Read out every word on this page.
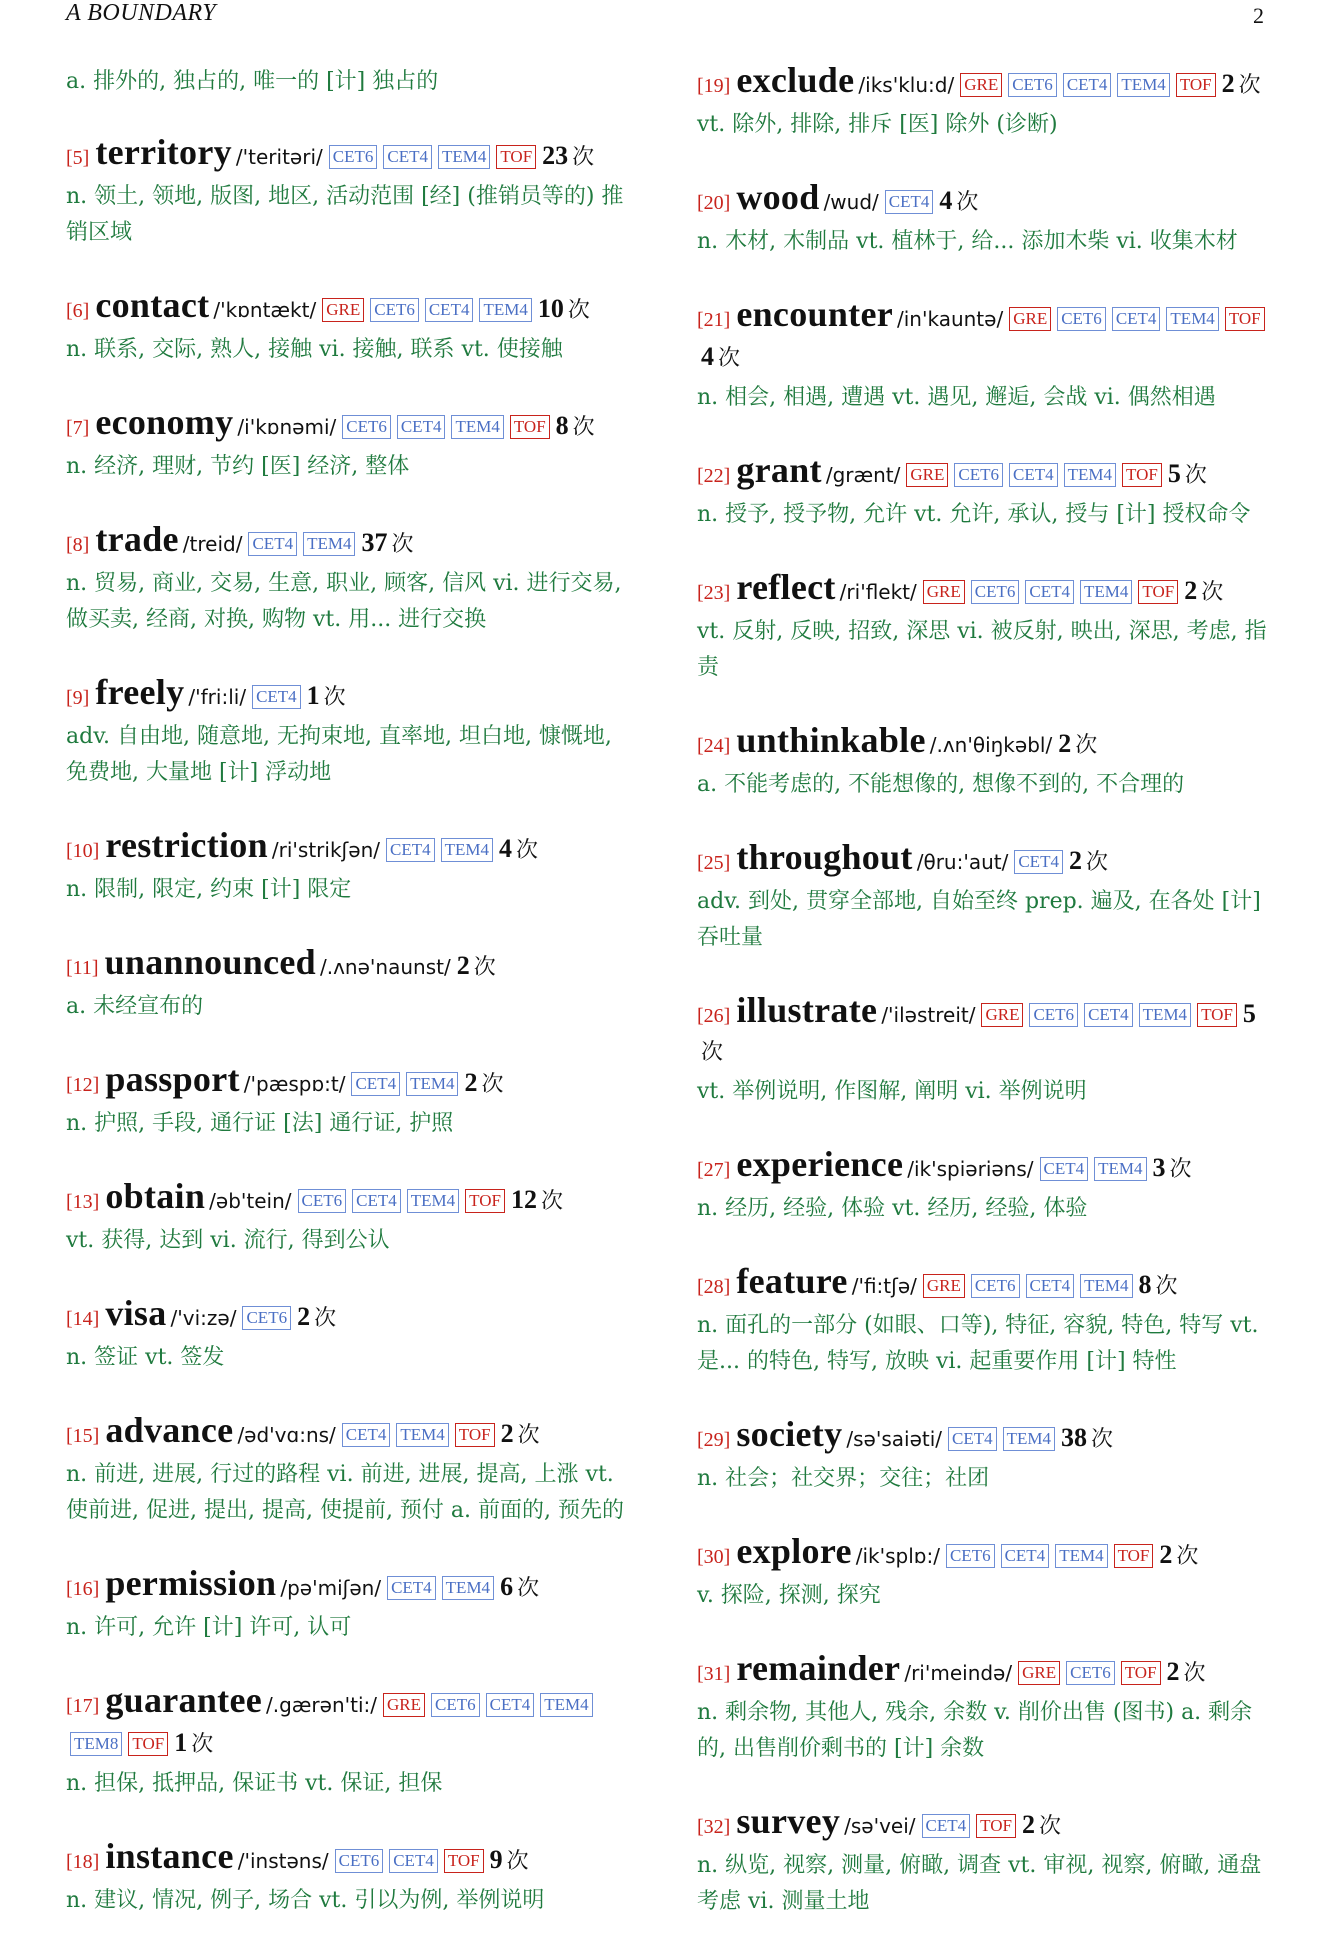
A BOUNDARY	2
a. 排外的, 独占的, 唯一的 [计] 独占的
[5] territory /'teritəri/ CET6 CET4 TEM4 TOF 23 次
n. 领土, 领地, 版图, 地区, 活动范围 [经] (推销员等的) 推销区域
[6] contact /'kɒntækt/ GRE CET6 CET4 TEM4 10 次
n. 联系, 交际, 熟人, 接触 vi. 接触, 联系 vt. 使接触
[7] economy /i'kɒnəmi/ CET6 CET4 TEM4 TOF 8 次
n. 经济, 理财, 节约 [医] 经济, 整体
[8] trade /treid/ CET4 TEM4 37 次
n. 贸易, 商业, 交易, 生意, 职业, 顾客, 信风 vi. 进行交易, 做买卖, 经商, 对换, 购物 vt. 用... 进行交换
[9] freely /'fri:li/ CET4 1 次
adv. 自由地, 随意地, 无拘束地, 直率地, 坦白地, 慷慨地, 免费地, 大量地 [计] 浮动地
[10] restriction /ri'strikʃən/ CET4 TEM4 4 次
n. 限制, 限定, 约束 [计] 限定
[11] unannounced /.ʌnə'naunst/ 2 次
a. 未经宣布的
[12] passport /'pæspɒ:t/ CET4 TEM4 2 次
n. 护照, 手段, 通行证 [法] 通行证, 护照
[13] obtain /əb'tein/ CET6 CET4 TEM4 TOF 12 次
vt. 获得, 达到 vi. 流行, 得到公认
[14] visa /'vi:zə/ CET6 2 次
n. 签证 vt. 签发
[15] advance /əd'vɑ:ns/ CET4 TEM4 TOF 2 次
n. 前进, 进展, 行过的路程 vi. 前进, 进展, 提高, 上涨 vt. 使前进, 促进, 提出, 提高, 使提前, 预付 a. 前面的, 预先的
[16] permission /pə'miʃən/ CET4 TEM4 6 次
n. 许可, 允许 [计] 许可, 认可
[17] guarantee /.gærən'ti:/ GRE CET6 CET4 TEM4TEM8 TOF 1 次
n. 担保, 抵押品, 保证书 vt. 保证, 担保
[18] instance /'instəns/ CET6 CET4 TOF 9 次
n. 建议, 情况, 例子, 场合 vt. 引以为例, 举例说明
[19] exclude /iks'klu:d/ GRE CET6 CET4 TEM4 TOF 2 次
vt. 除外, 排除, 排斥 [医] 除外 (诊断)
[20] wood /wud/ CET4 4 次
n. 木材, 木制品 vt. 植林于, 给... 添加木柴 vi. 收集木材
[21] encounter /in'kauntə/ GRE CET6 CET4 TEM4 TOF4 次
n. 相会, 相遇, 遭遇 vt. 遇见, 邂逅, 会战 vi. 偶然相遇
[22] grant /grænt/ GRE CET6 CET4 TEM4 TOF 5 次
n. 授予, 授予物, 允许 vt. 允许, 承认, 授与 [计] 授权命令
[23] reflect /ri'flekt/ GRE CET6 CET4 TEM4 TOF 2 次
vt. 反射, 反映, 招致, 深思 vi. 被反射, 映出, 深思, 考虑, 指责
[24] unthinkable /.ʌn'θiŋkəbl/ 2 次
a. 不能考虑的, 不能想像的, 想像不到的, 不合理的
[25] throughout /θru:'aut/ CET4 2 次
adv. 到处, 贯穿全部地, 自始至终 prep. 遍及, 在各处 [计] 吞吐量
[26] illustrate /'iləstreit/ GRE CET6 CET4 TEM4 TOF 5次
vt. 举例说明, 作图解, 阐明 vi. 举例说明
[27] experience /ik'spiəriəns/ CET4 TEM4 3 次
n. 经历, 经验, 体验 vt. 经历, 经验, 体验
[28] feature /'fi:tʃə/ GRE CET6 CET4 TEM4 8 次
n. 面孔的一部分 (如眼、口等), 特征, 容貌, 特色, 特写 vt. 是... 的特色, 特写, 放映 vi. 起重要作用 [计] 特性
[29] society /sə'saiəti/ CET4 TEM4 38 次
n. 社会；社交界；交往；社团
[30] explore /ik'splɒ:/ CET6 CET4 TEM4 TOF 2 次
v. 探险, 探测, 探究
[31] remainder /ri'meində/ GRE CET6 TOF 2 次
n. 剩余物, 其他人, 残余, 余数 v. 削价出售 (图书) a. 剩余的, 出售削价剩书的 [计] 余数
[32] survey /sə'vei/ CET4 TOF 2 次
n. 纵览, 视察, 测量, 俯瞰, 调查 vt. 审视, 视察, 俯瞰, 通盘考虑 vi. 测量土地
